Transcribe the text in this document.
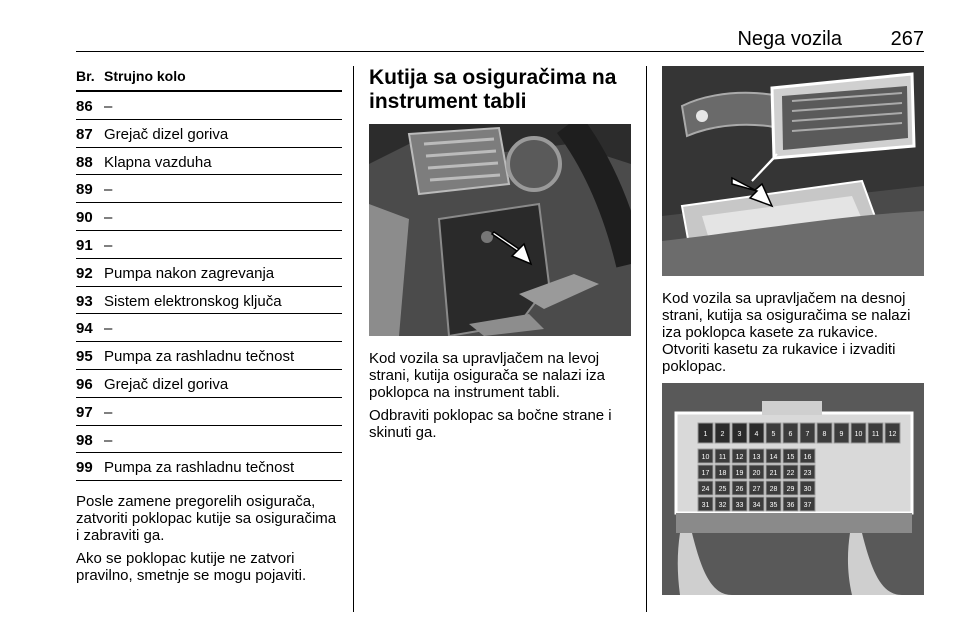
Nega vozila 267
Br. Strujno kolo
86 –
87 Grejač dizel goriva
88 Klapna vazduha
89 –
90 –
91 –
92 Pumpa nakon zagrevanja
93 Sistem elektronskog ključa
94 –
95 Pumpa za rashladnu tečnost
96 Grejač dizel goriva
97 –
98 –
99 Pumpa za rashladnu tečnost

Posle zamene pregorelih osigurača, zatvoriti poklopac kutije sa osiguračima i zabraviti ga.

Ako se poklopac kutije ne zatvori pravilno, smetnje se mogu pojaviti.

Kutija sa osiguračima na instrument tabli

Kod vozila sa upravljačem na levoj strani, kutija osigurača se nalazi iza poklopca na instrument tabli.

Odbraviti poklopac sa bočne strane i skinuti ga.

Kod vozila sa upravljačem na desnoj strani, kutija sa osiguračima se nalazi iza poklopca kasete za rukavice. Otvoriti kasetu za rukavice i izvaditi poklopac.

1 2 3 4 5 6 7 8 9 10 11 12
10 11 12 13 14 15 16
17 18 19 20 21 22 23
24 25 26 27 28 29 30
31 32 33 34 35 36 37
